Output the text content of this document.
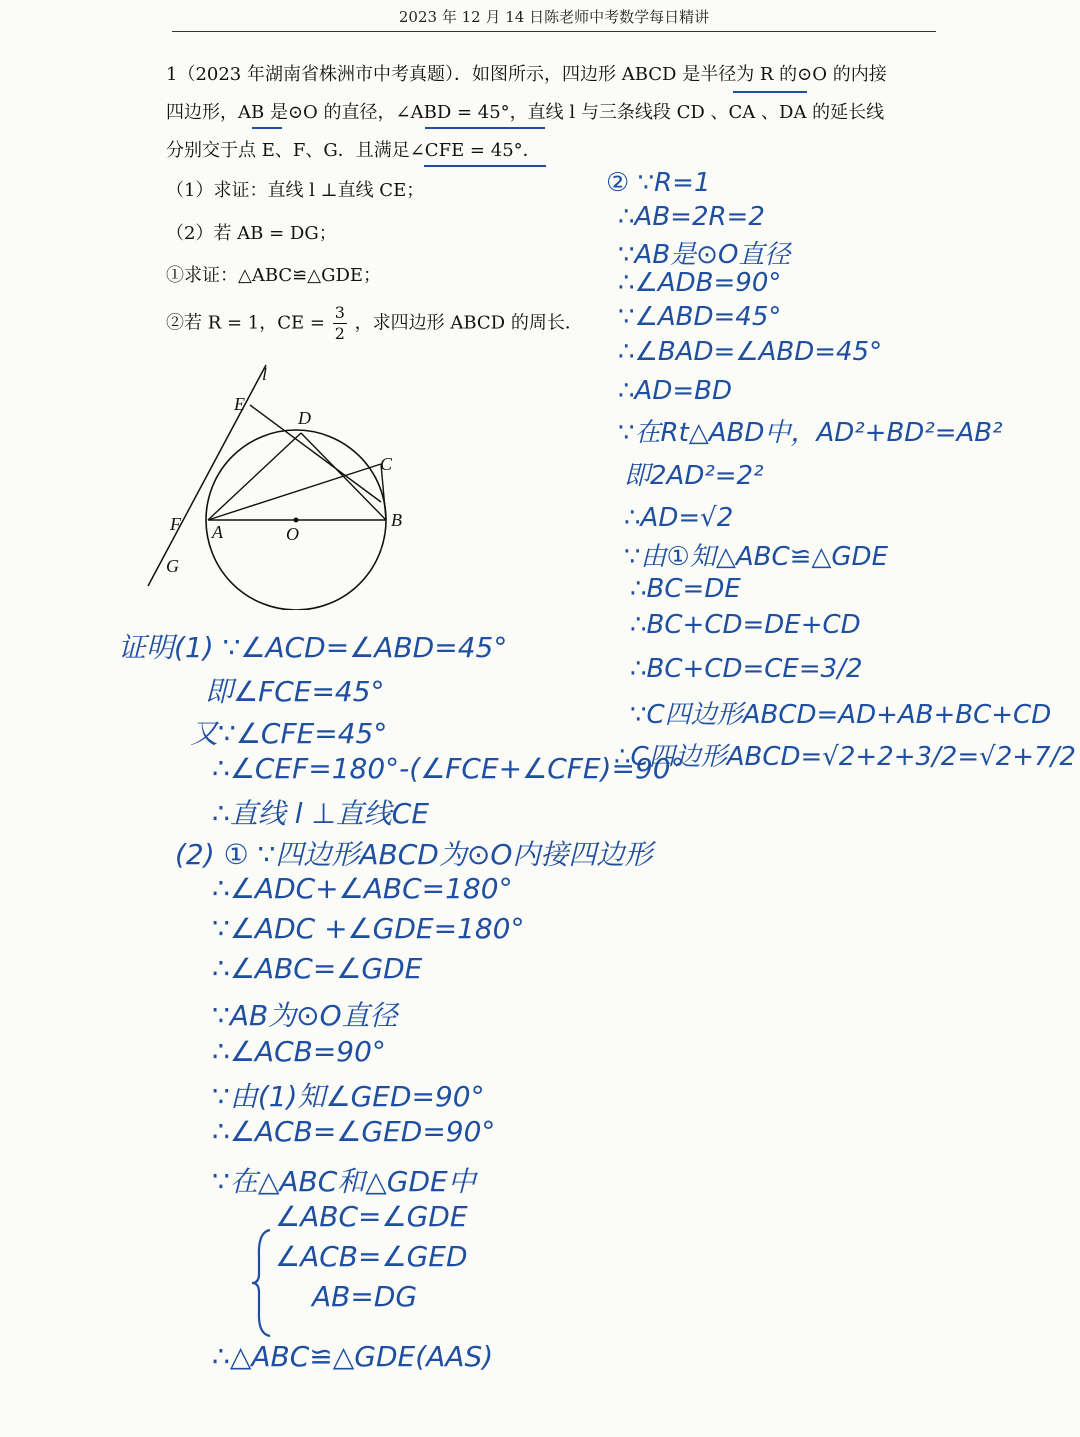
2023 年 12 月 14 日陈老师中考数学每日精讲
1（2023 年湖南省株洲市中考真题）．如图所示，四边形 ABCD 是半径为 R 的⊙O 的内接
四边形，AB 是⊙O 的直径，∠ABD = 45°，直线 l 与三条线段 CD 、CA 、DA 的延长线
分别交于点 E、F、G．且满足∠CFE = 45°．
（1）求证：直线 l ⊥直线 CE；
（2）若 AB = DG；
①求证：△ABC≌△GDE；
②若 R = 1，CE = $\frac{3}{2}$ ，求四边形 ABCD 的周长．
l
E
D
C
F A	O
B
G
证明(1) ∵∠ACD=∠ABD=45°
即∠FCE=45°
又∵∠CFE=45°
∴∠CEF=180°-(∠FCE+∠CFE)=90°
∴直线 l ⊥直线CE
(2) ① ∵四边形ABCD为⊙O内接四边形
∴∠ADC+∠ABC=180°
∵∠ADC +∠GDE=180°
∴∠ABC=∠GDE
∵AB为⊙O直径
∴∠ACB=90°
∵由(1)知∠GED=90°
∴∠ACB=∠GED=90°
∵在△ABC和△GDE中
∠ABC=∠GDE
∠ACB=∠GED
AB=DG
∴△ABC≌△GDE(AAS)
② ∵R=1
∴AB=2R=2
∵AB是⊙O直径
∴∠ADB=90°
∵∠ABD=45°
∴∠BAD=∠ABD=45°
∴AD=BD
∵在Rt△ABD中，AD²+BD²=AB²
即2AD²=2²
∴AD=√2
∵由①知△ABC≌△GDE
∴BC=DE
∴BC+CD=DE+CD
∴BC+CD=CE=3/2
∵C四边形ABCD=AD+AB+BC+CD
∴C四边形ABCD=√2+2+3/2=√2+7/2
